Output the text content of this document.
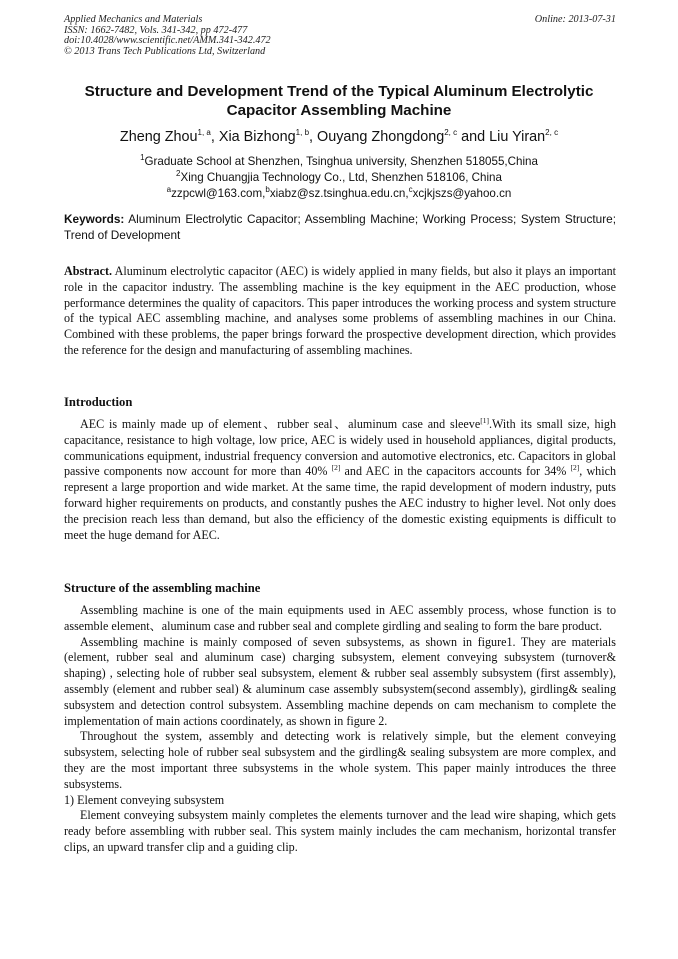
Applied Mechanics and Materials	Online: 2013-07-31
ISSN: 1662-7482, Vols. 341-342, pp 472-477
doi:10.4028/www.scientific.net/AMM.341-342.472
© 2013 Trans Tech Publications Ltd, Switzerland
Structure and Development Trend of the Typical Aluminum Electrolytic
Capacitor Assembling Machine
Zheng Zhou$^{1, a}$, Xia Bizhong$^{1, b}$, Ouyang Zhongdong$^{2, c}$ and Liu Yiran$^{2, c}$
$^1$Graduate School at Shenzhen, Tsinghua university, Shenzhen 518055,China
$^2$Xing Chuangjia Technology Co., Ltd, Shenzhen 518106, China
$^a$zzpcwl@163.com,$^b$xiabz@sz.tsinghua.edu.cn,$^c$xcjkjszs@yahoo.cn
Keywords: Aluminum Electrolytic Capacitor; Assembling Machine; Working Process; System Structure; Trend of Development

Abstract. Aluminum electrolytic capacitor (AEC) is widely applied in many fields, but also it plays an important role in the capacitor industry. The assembling machine is the key equipment in the AEC production, whose performance determines the quality of capacitors. This paper introduces the working process and system structure of the typical AEC assembling machine, and analyses some problems of assembling machines in our China. Combined with these problems, the paper brings forward the prospective development direction, which provides the reference for the design and manufacturing of assembling machines.

Introduction

AEC is mainly made up of element、rubber seal、aluminum case and sleeve[1].With its small size, high capacitance, resistance to high voltage, low price, AEC is widely used in household appliances, digital products, communications equipment, industrial frequency conversion and automotive electronics, etc. Capacitors in global passive components now account for more than 40% [2] and AEC in the capacitors accounts for 34% [2], which represent a large proportion and wide market. At the same time, the rapid development of modern industry, puts forward higher requirements on products, and constantly pushes the AEC industry to higher level. Not only does the precision reach less than demand, but also the efficiency of the domestic existing equipments is difficult to meet the huge demand for AEC.

Structure of the assembling machine

Assembling machine is one of the main equipments used in AEC assembly process, whose function is to assemble element、aluminum case and rubber seal and complete girdling and sealing to form the bare product.

Assembling machine is mainly composed of seven subsystems, as shown in figure1. They are materials (element, rubber seal and aluminum case) charging subsystem, element conveying subsystem (turnover& shaping) , selecting hole of rubber seal subsystem, element & rubber seal assembly subsystem (first assembly), assembly (element and rubber seal) & aluminum case assembly subsystem(second assembly), girdling& sealing subsystem and detection control subsystem. Assembling machine depends on cam mechanism to complete the implementation of main actions coordinately, as shown in figure 2.

Throughout the system, assembly and detecting work is relatively simple, but the element conveying subsystem, selecting hole of rubber seal subsystem and the girdling& sealing subsystem are more complex, and they are the most important three subsystems in the whole system. This paper mainly introduces the three subsystems.

1) Element conveying subsystem

Element conveying subsystem mainly completes the elements turnover and the lead wire shaping, which gets ready before assembling with rubber seal. This system mainly includes the cam mechanism, horizontal transfer clips, an upward transfer clip and a guiding clip.
